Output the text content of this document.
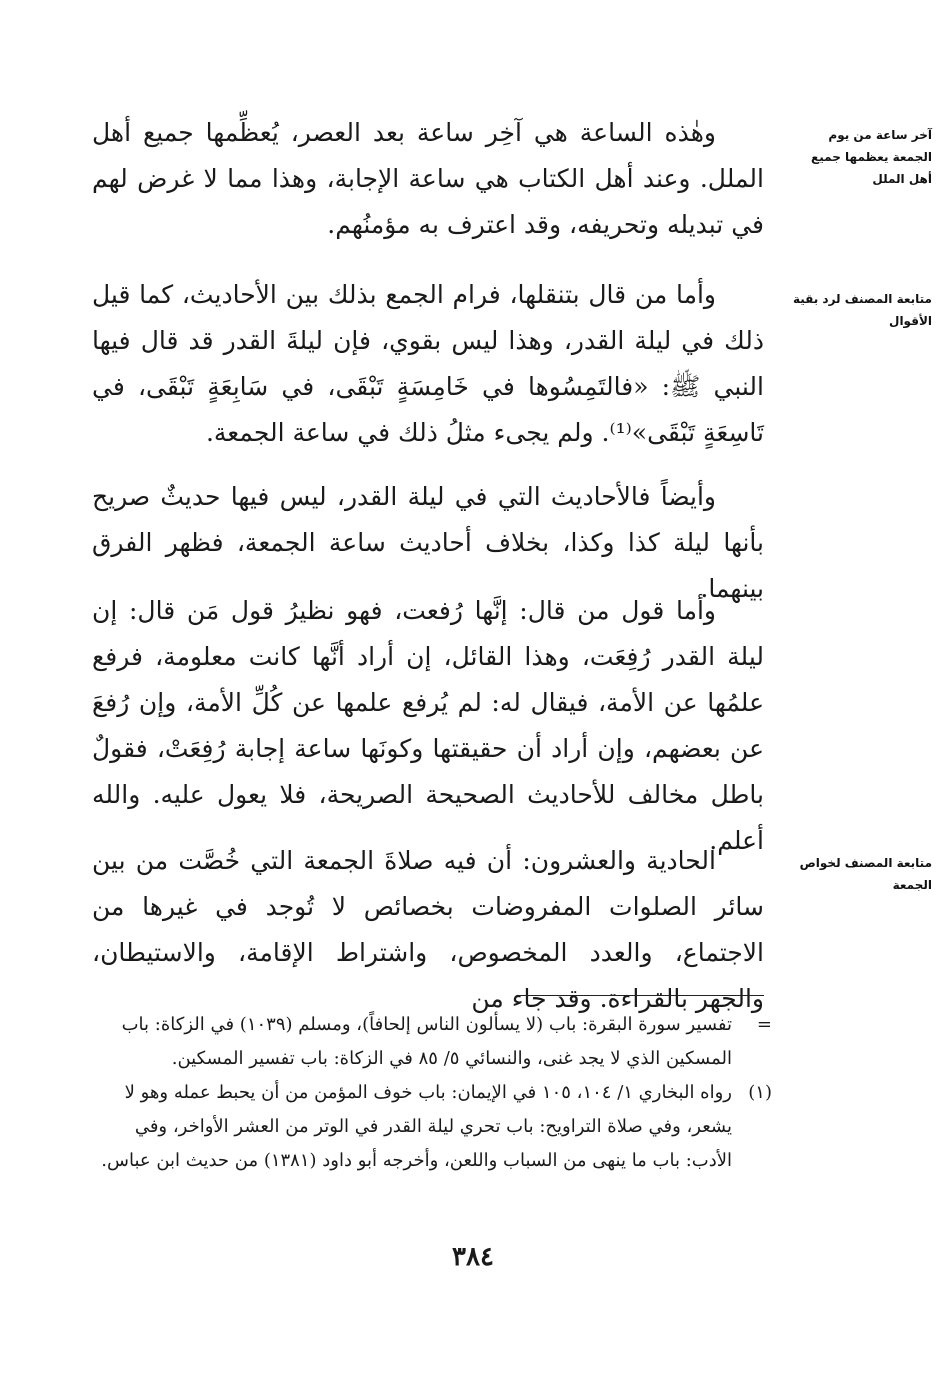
آخر ساعة من يوم الجمعة يعظمها جميع أهل الملل

وهٰذه الساعة هي آخِر ساعة بعد العصر، يُعظِّمها جميع أهل الملل. وعند أهل الكتاب هي ساعة الإجابة، وهذا مما لا غرض لهم في تبديله وتحريفه، وقد اعترف به مؤمنُهم.

متابعة المصنف لرد بقية الأقوال

وأما من قال بتنقلها، فرام الجمع بذلك بين الأحاديث، كما قيل ذلك في ليلة القدر، وهذا ليس بقوي، فإن ليلةَ القدر قد قال فيها النبي ﷺ: «فالتَمِسُوها في خَامِسَةٍ تَبْقَى، في سَابِعَةٍ تَبْقَى، في تَاسِعَةٍ تَبْقَى»⁽¹⁾. ولم يجىء مثلُ ذلك في ساعة الجمعة.

وأيضاً فالأحاديث التي في ليلة القدر، ليس فيها حديثٌ صريح بأنها ليلة كذا وكذا، بخلاف أحاديث ساعة الجمعة، فظهر الفرق بينهما.

وأما قول من قال: إنَّها رُفعت، فهو نظيرُ قول مَن قال: إن ليلة القدر رُفِعَت، وهذا القائل، إن أراد أنَّها كانت معلومة، فرفع علمُها عن الأمة، فيقال له: لم يُرفع علمها عن كُلِّ الأمة، وإن رُفعَ عن بعضهم، وإن أراد أن حقيقتها وكونَها ساعة إجابة رُفِعَتْ، فقولٌ باطل مخالف للأحاديث الصحيحة الصريحة، فلا يعول عليه. والله أعلم.

متابعة المصنف لخواص الجمعة

الحادية والعشرون: أن فيه صلاةَ الجمعة التي خُصَّت من بين سائر الصلوات المفروضات بخصائص لا تُوجد في غيرها من الاجتماع، والعدد المخصوص، واشتراط الإقامة، والاستيطان، والجهر بالقراءة. وقد جاء من

=
تفسير سورة البقرة: باب (لا يسألون الناس إلحافاً)، ومسلم (١٠٣٩) في الزكاة: باب المسكين الذي لا يجد غنى، والنسائي ٥/ ٨٥ في الزكاة: باب تفسير المسكين.
(١)
رواه البخاري ١/ ١٠٤، ١٠٥ في الإيمان: باب خوف المؤمن من أن يحبط عمله وهو لا يشعر، وفي صلاة التراويح: باب تحري ليلة القدر في الوتر من العشر الأواخر، وفي الأدب: باب ما ينهى من السباب واللعن، وأخرجه أبو داود (١٣٨١) من حديث ابن عباس.
٣٨٤
